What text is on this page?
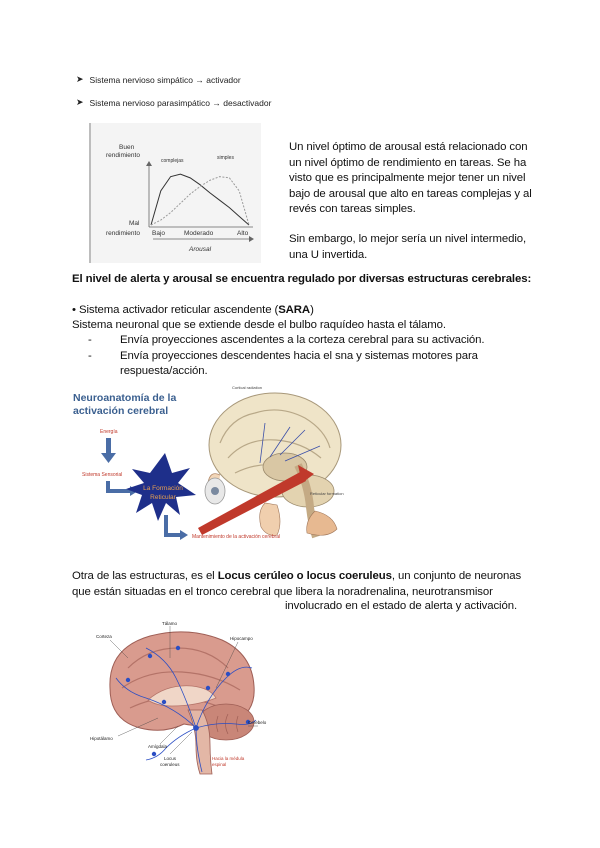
➤ Sistema nervioso simpático → activador
➤ Sistema nervioso parasimpático → desactivador
Buen
rendimiento
Mal
rendimiento
complejas	simples
Bajo	Moderado	Alto
Arousal
Un nivel óptimo de arousal está relacionado con un nivel óptimo de rendimiento en tareas. Se ha visto que es principalmente mejor tener un nivel bajo de arousal que alto en tareas complejas y al revés con tareas simples.
Sin embargo, lo mejor sería un nivel intermedio, una U invertida.
El nivel de alerta y arousal se encuentra regulado por diversas estructuras cerebrales:
• Sistema activador reticular ascendente (SARA)
Sistema neuronal que se extiende desde el bulbo raquídeo hasta el tálamo.
- Envía proyecciones ascendentes a la corteza cerebral para su activación.
- Envía proyecciones descendentes hacia el sna y sistemas motores para respuesta/acción.
Neuroanatomía de la
activación cerebral
Energía
Sistema Sensorial
La Formación
Reticular
Mantenimiento de la activación cerebral
Cortical radiation
Reticular formation
Otra de las estructuras, es el Locus cerúleo o locus coeruleus, un conjunto de neuronas que están situadas en el tronco cerebral que libera la noradrenalina, neurotransmisor
involucrado en el estado de alerta y activación.
Tálamo
Corteza	Hipocampo
Cerebelo
Hipotálamo
Amígdala
Locus
coeruleus
Hacia la médula
espinal
